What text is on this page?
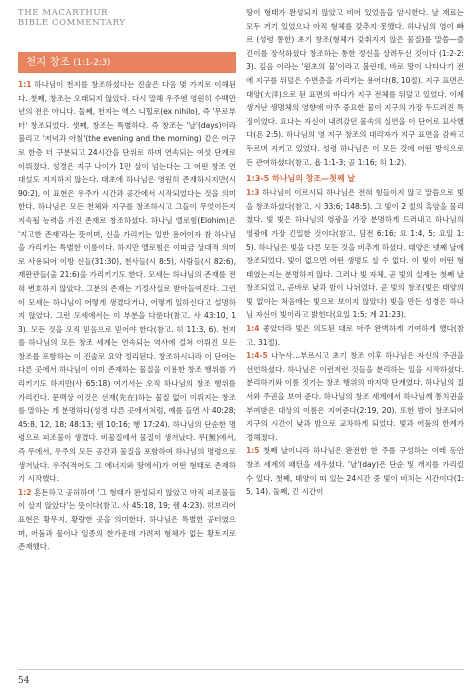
THE MACARTHUR
BIBLE COMMENTARY
천지 창조 (1:1-2:3)

1:1 하나님이 천지를 창조하셨다는 진술은 다음 몇 가지로 이해된다. 첫째, 창조는 오래되지 않았다. 다시 말해 우주엔 영원히 수백만 년의 전은 아니다. 둘째, 천지는 엑스 니힐로(ex nihilo), 즉 '무로부터' 창조되었다. 셋째, 창조는 특별하다. 즉 창조는 '날'(days)이라 불리고 '저녁과 아침'(the evening and the morning) 같은 어구로 한층 더 구분되고 24시간을 단위로 하며 연속되는 여섯 단계로 이뤄졌다. 성경은 지구 나이가 1만 살이 넘는다는 그 어떤 창조 연대설도 지지하지 않는다. 태초에 하나님은 영원히 존재하시지만(시 90:2), 이 표현은 우주가 시간과 공간에서 시작되었다는 것을 의미한다. 하나님은 모든 천체와 지구를 창조하시고 그들이 무엇이든지 지속될 능력을 가진 존재로 창조하셨다. 하나님 엘로힘(Elohim)은 '지고한 존재'라는 뜻이며, 신을 가리키는 일반 용어이자 참 하나님을 가리키는 특별한 이름이다. 하지만 엘로힘은 이따금 상대적 의미로 사용되어 이방 신들(31:30), 천사들(시 8:5), 사람들(시 82:6), 재판관들(출 21:6)을 가리키기도 한다. 모세는 하나님의 존재를 전혀 변호하지 않았다. 그분의 존재는 기정사실로 받아들여진다. 그런 이 모세는 하나님이 어떻게 생겼다거나, 어떻게 일하신다고 설명하지 않았다. 그런 모세에서는 이 부분을 다룬다(참고. 사 43:10, 13). 모든 것을 오직 믿음으로 믿어야 한다(참고. 히 11:3, 6). 천지를 하나님의 모든 창조 세계는 연속되는 역사에 걸쳐 이뤄진 모든 창조를 포함하는 이 진술로 요약 정리된다. 창조하시니라 이 단어는 다른 곳에서 하나님이 이미 존재하는 물질을 이용한 창조 행위를 가리키기도 하지만(사 65:18) 여기서는 오직 하나님의 창조 행위를 가리킨다. 문맥상 이것은 선재(先在)하는 물질 없이 이뤄지는 창조를 말하는 게 분명하다(성경 다른 곳에서처럼, 예를 들면 사 40:28; 45:8, 12, 18; 48:13; 렘 10:16; 행 17:24). 하나님의 단순한 명령으로 피조물이 생겼다. 비물질에서 물질이 생겨났다. 무(無)에서, 즉 무에서, 우주의 모든 공간과 물질을 포함하여 하나님의 명령으로 생겨났다. 우주(적어도 그 에너지와 땅에서)가 어떤 형태로 존재하기 시작했다.

1:2 혼돈하고 공허하며 '그 형태가 완성되지 않았고 아직 피조물들이 살지 않았다'는 뜻이다(참고. 사 45:18, 19; 렘 4:23). 히브리어 표현은 황무지, 황량한 곳을 의미한다. 하나님은 특별한 공터였으며, 어둠과 물이나 일종의 한가운데 가려져 형체가 없는 황토지로 존재했다.

땅이 형태가 완성되지 않았고 비어 있었음을 암시한다. 날 재료는 모두 거기 있었으나 아직 형체를 갖추지 못했다. 하나님의 영이 빠르 (성령 통한) 초기 창조(형체가 갖춰지지 않은 물질)를 말씀—즐긴이를 장식하셨다 창조하는 통한 정신을 살려두신 것이다 (1:2-2:3). 깊음 이라는 '원초의 물'이라고 불린데, 바로 땅이 나타나기 전에 지구를 뒤덮은 수면층을 가리키는 용어다(8, 10절). 지구 표면은 대양(大洋)으로 된 표면의 바다가 지구 전체를 뒤덮고 있었다. 이제 생겨난 생명체의 영향에 아주 중요한 물이 지구의 가장 두드러진 특징이었다. 요나는 자신이 내려갔던 물속의 실연을 이 단어로 묘사했다(욘 2:5). 하나님의 영 지구 창조의 대리자가 지구 표면을 감싸고 두르며 지키고 있었다. 성령 하나님은 이 모든 것에 어떤 방식으로든 관여하셨다(참고. 욥 1:1-3; 골 1:16; 히 1:2).

1:3-5 하나님의 창조—첫째 날

1:3 하나님이 이르시되 하나님은 전혀 힘들이지 않고 말씀으로 빛을 창조하셨다(참고. 시 33:6; 148:5). 그 빛이 2 절의 흑암을 물리쳤다. 빛 빛은 하나님의 영광을 가장 분명하게 드러내고 하나님의 영광에 가장 긴밀한 것이다(참고. 딤전 6:16; 요 1:4, 5; 요일 1:5). 하나님은 빛을 다른 모든 것을 비추게 하셨다. 태양은 넷째 날에 창조되었다. 빛이 없으면 어떤 생명도 살 수 없다. 이 빛이 어떤 형태였는지는 분명하지 않다. 그러나 빛 자체, 곧 빛의 실제는 첫째 날 창조되었고, 곧바로 낮과 밤이 나뉘었다. 곧 빛의 창조(빛은 태양의 빛 없이는 처음에는 빛으로 보이지 않았다) 빛을 만든 성경은 하나님 자신이 빛이라고 밝힌다(요일 1:5; 계 21:23).

1:4 좋았더라 빛은 의도된 대로 아주 완벽하게 기여하게 했다(참고. 31절).

1:4-5 나누사…부르시고 초기 창조 이후 하나님은 자신의 주권을 선언하셨다. 하나님은 이런저런 것들을 분리하는 일을 시작하셨다. 분리하기와 이름 짓기는 창조 행위의 마지막 단계였다. 하나님의 질서와 주권을 보여 준다. 하나님의 창조 세계에서 하나님께 통치권을 부여받은 대상의 이름은 지어준다(2:19, 20). 또한 밤이 창조되어 지구의 시간이 낮과 밤으로 교차하게 되었다. 빛과 어둠의 한계가 정해졌다.

1:5 첫째 날이니라 하나님은 완전한 한 주를 구성하는 이레 동안 창조 세계의 패턴을 세우셨다. '날'(day)은 단순 및 개지를 가리킬 수 있다. 첫째, 태양이 떠 있는 24시간 중 빛이 비치는 시간이다(1:5, 14). 둘째, 긴 시간이

54
